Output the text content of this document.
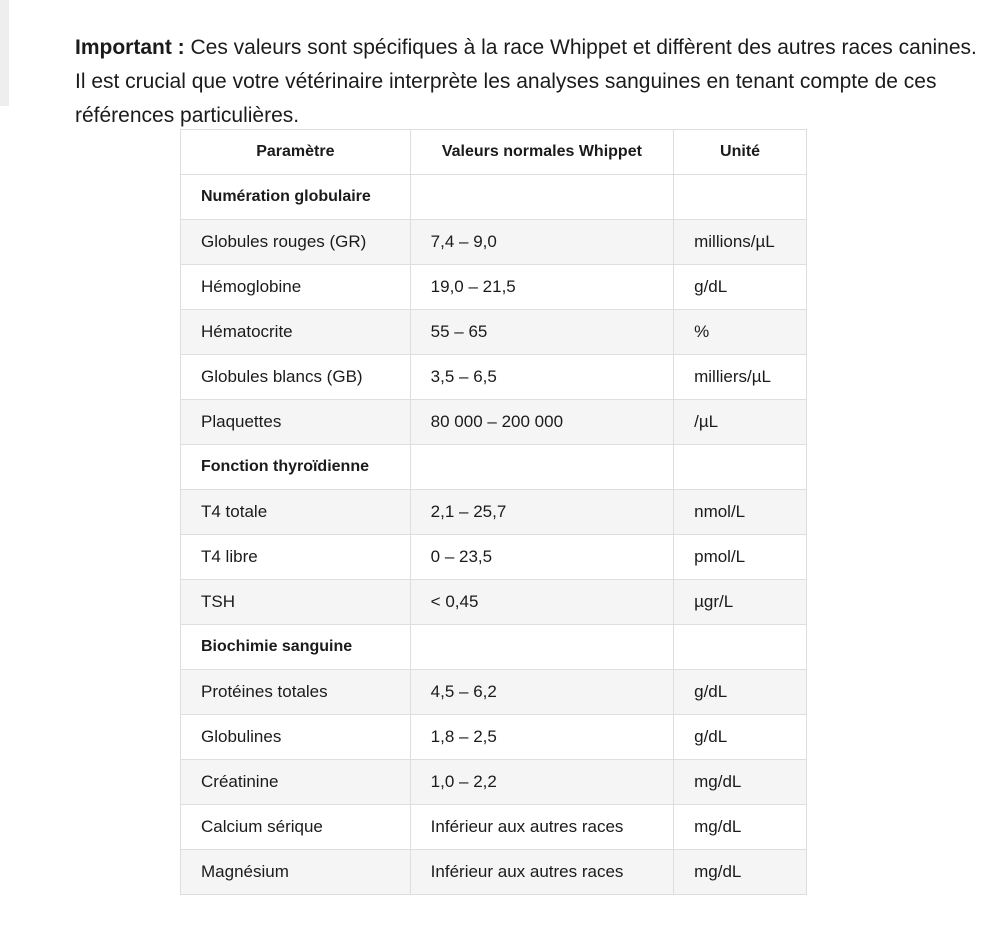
Important : Ces valeurs sont spécifiques à la race Whippet et diffèrent des autres races canines. Il est crucial que votre vétérinaire interprète les analyses sanguines en tenant compte de ces références particulières.

Paramètre	Valeurs normales Whippet	Unité
Numération globulaire		
Globules rouges (GR)	7,4 – 9,0	millions/µL
Hémoglobine	19,0 – 21,5	g/dL
Hématocrite	55 – 65	%
Globules blancs (GB)	3,5 – 6,5	milliers/µL
Plaquettes	80 000 – 200 000	/µL
Fonction thyroïdienne		
T4 totale	2,1 – 25,7	nmol/L
T4 libre	0 – 23,5	pmol/L
TSH	< 0,45	µgr/L
Biochimie sanguine		
Protéines totales	4,5 – 6,2	g/dL
Globulines	1,8 – 2,5	g/dL
Créatinine	1,0 – 2,2	mg/dL
Calcium sérique	Inférieur aux autres races	mg/dL
Magnésium	Inférieur aux autres races	mg/dL
